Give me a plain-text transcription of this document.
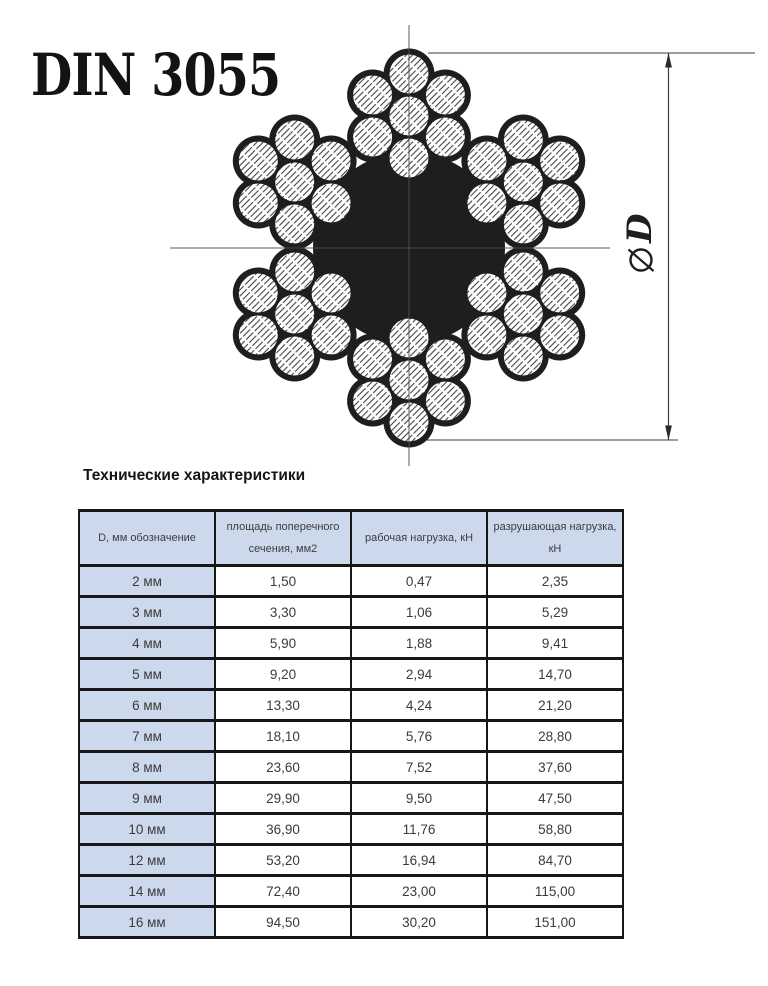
DIN 3055
D
Технические характеристики
D, мм обозначение	площадь поперечного сечения, мм2	рабочая нагрузка, кН	разрушающая нагрузка, кН
2 мм	1,50	0,47	2,35
3 мм	3,30	1,06	5,29
4 мм	5,90	1,88	9,41
5 мм	9,20	2,94	14,70
6 мм	13,30	4,24	21,20
7 мм	18,10	5,76	28,80
8 мм	23,60	7,52	37,60
9 мм	29,90	9,50	47,50
10 мм	36,90	11,76	58,80
12 мм	53,20	16,94	84,70
14 мм	72,40	23,00	115,00
16 мм	94,50	30,20	151,00
